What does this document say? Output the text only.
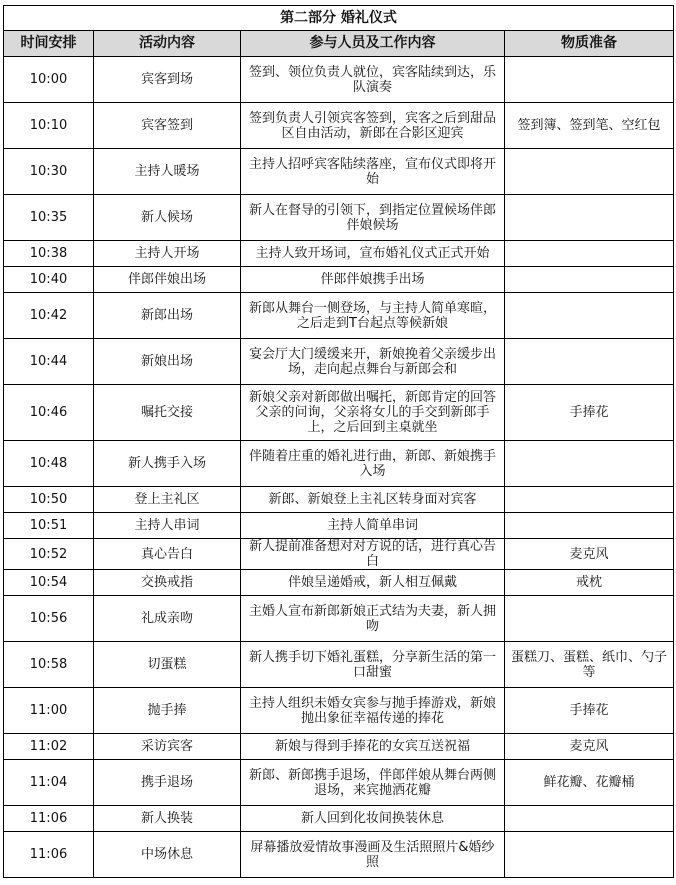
第二部分 婚礼仪式			
时间安排	活动内容	参与人员及工作内容	物质准备
10:00	宾客到场	签到、领位负责人就位，宾客陆续到达，乐队演奏	
10:10	宾客签到	签到负责人引领宾客签到，宾客之后到甜品区自由活动，新郎在合影区迎宾	签到簿、签到笔、空红包
10:30	主持人暖场	主持人招呼宾客陆续落座，宣布仪式即将开始	
10:35	新人候场	新人在督导的引领下，到指定位置候场伴郎伴娘候场	
10:38	主持人开场	主持人致开场词，宣布婚礼仪式正式开始	
10:40	伴郎伴娘出场	伴郎伴娘携手出场	
10:42	新郎出场	新郎从舞台一侧登场，与主持人简单寒暄，之后走到T台起点等候新娘	
10:44	新娘出场	宴会厅大门缓缓来开，新娘挽着父亲缓步出场，走向起点舞台与新郎会和	
10:46	嘱托交接	新娘父亲对新郎做出嘱托，新郎肯定的回答父亲的问询，父亲将女儿的手交到新郎手上，之后回到主桌就坐	手捧花
10:48	新人携手入场	伴随着庄重的婚礼进行曲，新郎、新娘携手入场	
10:50	登上主礼区	新郎、新娘登上主礼区转身面对宾客	
10:51	主持人串词	主持人简单串词	
10:52	真心告白	新人提前准备想对对方说的话，进行真心告白	麦克风
10:54	交换戒指	伴娘呈递婚戒，新人相互佩戴	戒枕
10:56	礼成亲吻	主婚人宣布新郎新娘正式结为夫妻，新人拥吻	
10:58	切蛋糕	新人携手切下婚礼蛋糕，分享新生活的第一口甜蜜	蛋糕刀、蛋糕、纸巾、勺子等
11:00	抛手捧	主持人组织未婚女宾参与抛手捧游戏，新娘抛出象征幸福传递的捧花	手捧花
11:02	采访宾客	新娘与得到手捧花的女宾互送祝福	麦克风
11:04	携手退场	新郎、新郎携手退场，伴郎伴娘从舞台两侧退场，来宾抛洒花瓣	鲜花瓣、花瓣桶
11:06	新人换装	新人回到化妆间换装休息	
11:06	中场休息	屏幕播放爱情故事漫画及生活照照片&婚纱照	
